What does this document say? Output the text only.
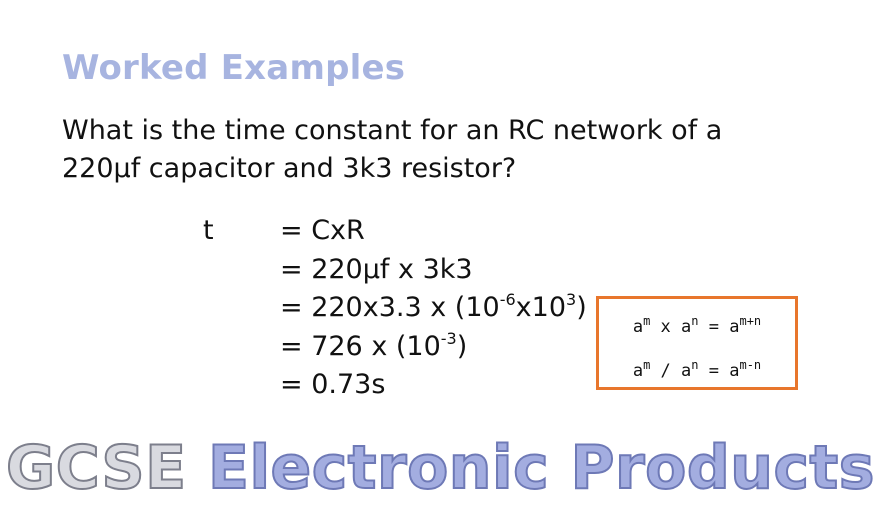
Worked Examples
What is the time constant for an RC network of a
220µf capacitor and 3k3 resistor?
t = CxR
= 220µf x 3k3
= 220x3.3 x $(10^{-6}x10^3)$
= 726 x $(10^{-3})$
= 0.73s
$a^m$ x $a^n = a^{m+n}$
$a^m / a^n = a^{m-n}$
GCSE Electronic Products
